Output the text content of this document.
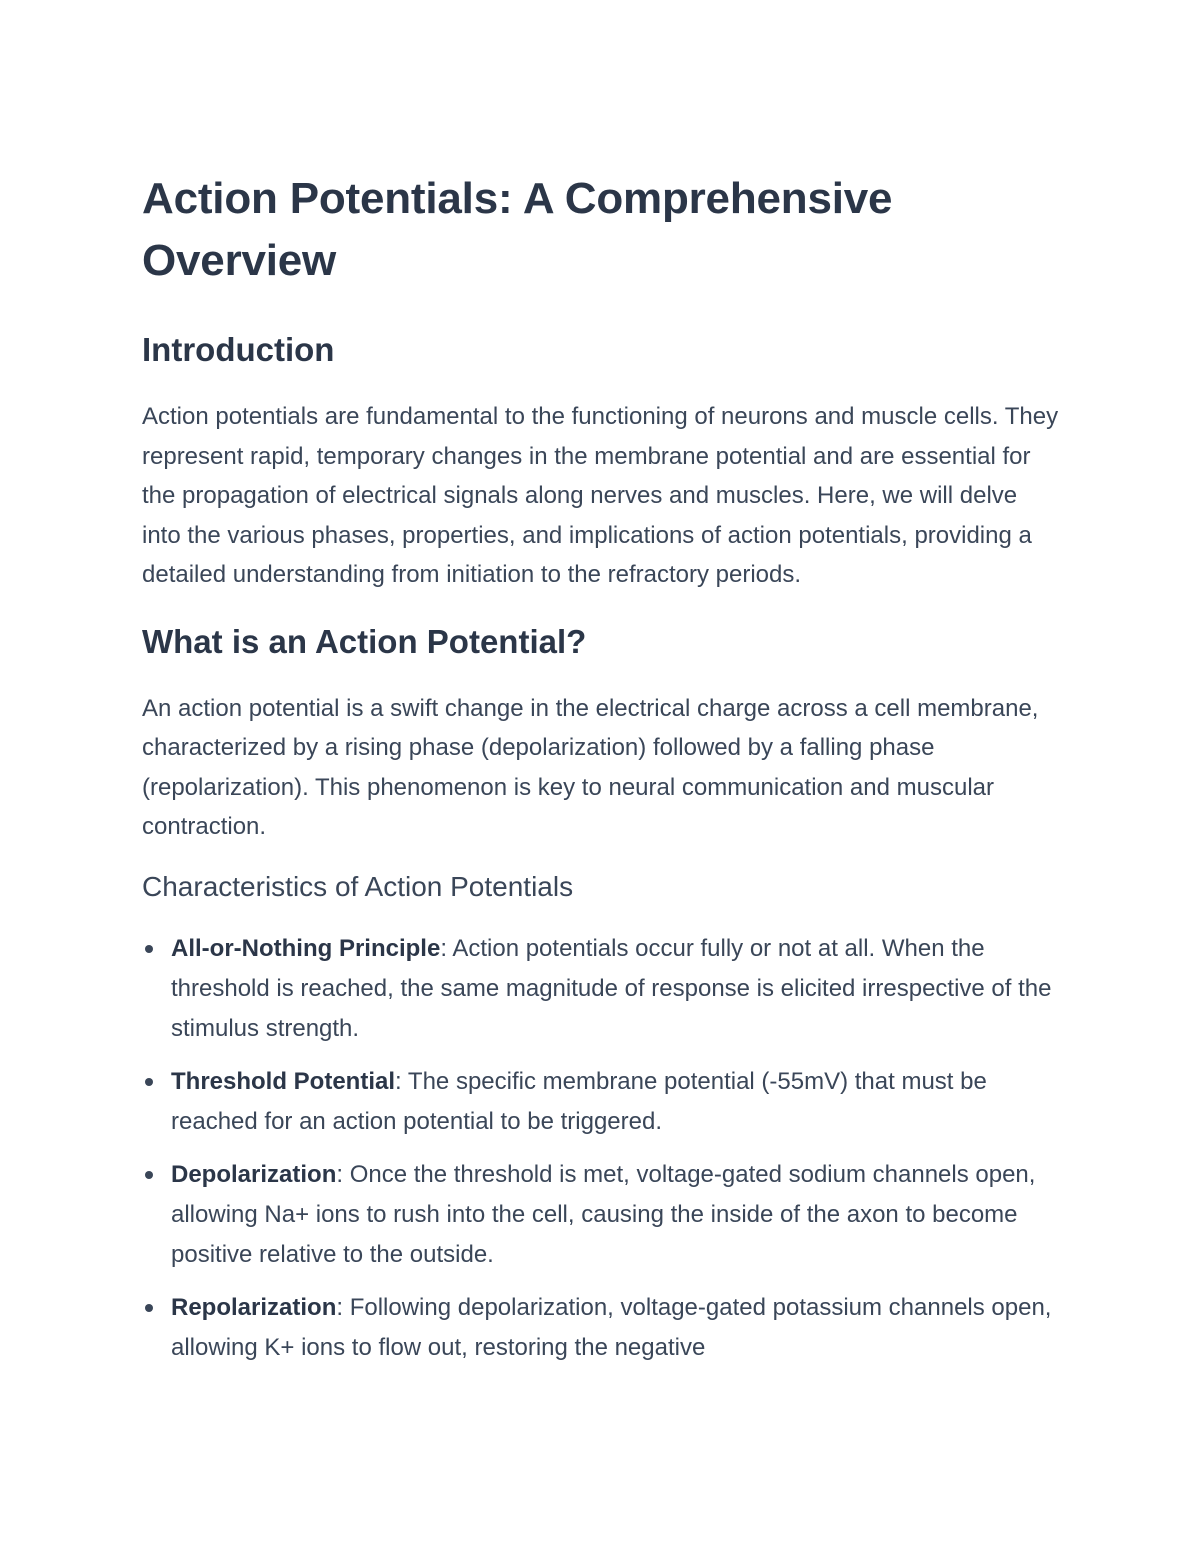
Action Potentials: A Comprehensive Overview
Introduction

Action potentials are fundamental to the functioning of neurons and muscle cells. They represent rapid, temporary changes in the membrane potential and are essential for the propagation of electrical signals along nerves and muscles. Here, we will delve into the various phases, properties, and implications of action potentials, providing a detailed understanding from initiation to the refractory periods.

What is an Action Potential?

An action potential is a swift change in the electrical charge across a cell membrane, characterized by a rising phase (depolarization) followed by a falling phase (repolarization). This phenomenon is key to neural communication and muscular contraction.

Characteristics of Action Potentials
All-or-Nothing Principle: Action potentials occur fully or not at all. When the threshold is reached, the same magnitude of response is elicited irrespective of the stimulus strength.
Threshold Potential: The specific membrane potential (-55mV) that must be reached for an action potential to be triggered.
Depolarization: Once the threshold is met, voltage-gated sodium channels open, allowing Na+ ions to rush into the cell, causing the inside of the axon to become positive relative to the outside.
Repolarization: Following depolarization, voltage-gated potassium channels open, allowing K+ ions to flow out, restoring the negative
